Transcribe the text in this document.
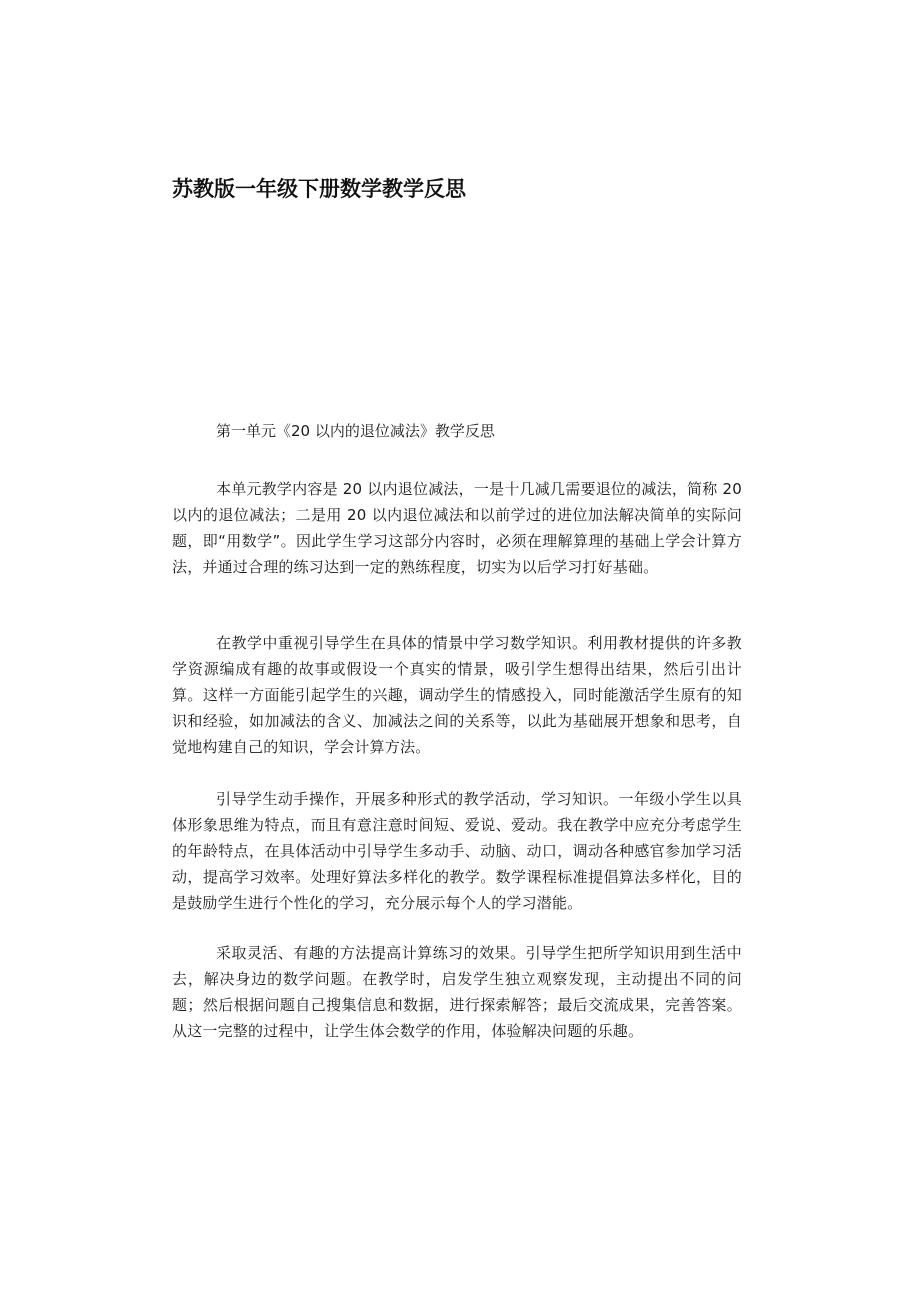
苏教版一年级下册数学教学反思

第一单元《20 以内的退位减法》教学反思

本单元教学内容是 20 以内退位减法，一是十几减几需要退位的减法，简称 20 以内的退位减法；二是用 20 以内退位减法和以前学过的进位加法解决简单的实际问题，即“用数学”。因此学生学习这部分内容时，必须在理解算理的基础上学会计算方法，并通过合理的练习达到一定的熟练程度，切实为以后学习打好基础。

在教学中重视引导学生在具体的情景中学习数学知识。利用教材提供的许多教学资源编成有趣的故事或假设一个真实的情景，吸引学生想得出结果，然后引出计算。这样一方面能引起学生的兴趣，调动学生的情感投入，同时能激活学生原有的知识和经验，如加减法的含义、加减法之间的关系等，以此为基础展开想象和思考，自觉地构建自己的知识，学会计算方法。

引导学生动手操作，开展多种形式的教学活动，学习知识。一年级小学生以具体形象思维为特点，而且有意注意时间短、爱说、爱动。我在教学中应充分考虑学生的年龄特点，在具体活动中引导学生多动手、动脑、动口，调动各种感官参加学习活动，提高学习效率。处理好算法多样化的教学。数学课程标准提倡算法多样化，目的是鼓励学生进行个性化的学习，充分展示每个人的学习潜能。

采取灵活、有趣的方法提高计算练习的效果。引导学生把所学知识用到生活中去，解决身边的数学问题。在教学时，启发学生独立观察发现，主动提出不同的问题；然后根据问题自己搜集信息和数据，进行探索解答；最后交流成果，完善答案。从这一完整的过程中，让学生体会数学的作用，体验解决问题的乐趣。
